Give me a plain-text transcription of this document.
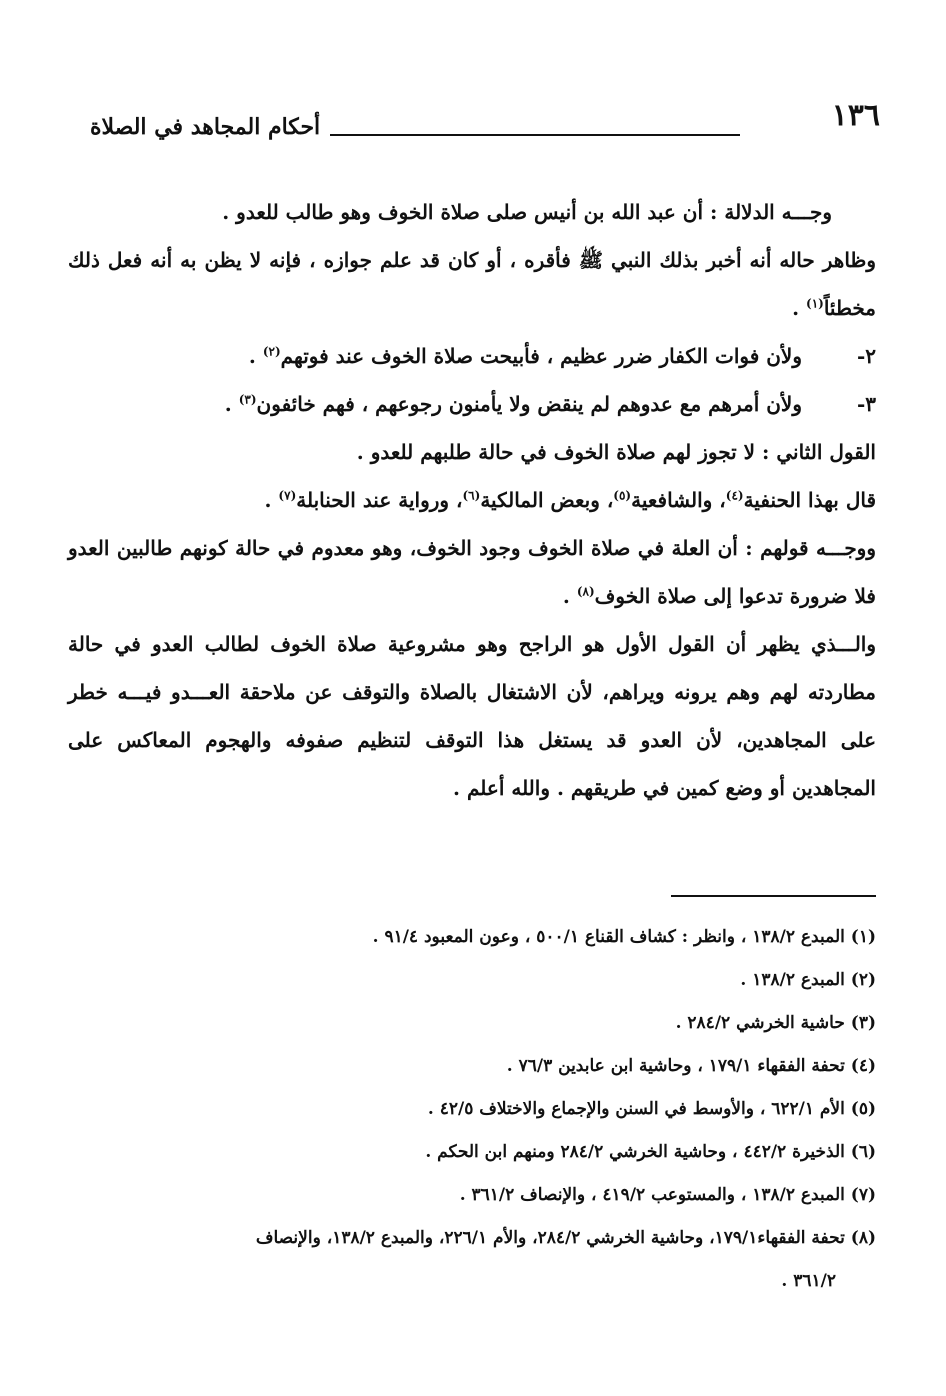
١٣٦
أحكام المجاهد في الصلاة

وجـــه الدلالة : أن عبد الله بن أنيس صلى صلاة الخوف وهو طالب للعدو .

وظاهر حاله أنه أخبر بذلك النبي ﷺ فأقره ، أو كان قد علم جوازه ، فإنه لا يظن به أنه فعل ذلك مخطئاً$^{(١)}$ .

٢-
ولأن فوات الكفار ضرر عظيم ، فأبيحت صلاة الخوف عند فوتهم$^{(٢)}$ .
٣-
ولأن أمرهم مع عدوهم لم ينقض ولا يأمنون رجوعهم ، فهم خائفون$^{(٣)}$ .

القول الثاني : لا تجوز لهم صلاة الخوف في حالة طلبهم للعدو .

قال بهذا الحنفية$^{(٤)}$، والشافعية$^{(٥)}$، وبعض المالكية$^{(٦)}$، ورواية عند الحنابلة$^{(٧)}$ .

ووجـــه قولهم : أن العلة في صلاة الخوف وجود الخوف، وهو معدوم في حالة كونهم طالبين العدو فلا ضرورة تدعوا إلى صلاة الخوف$^{(٨)}$ .

والـــذي يظهر أن القول الأول هو الراجح وهو مشروعية صلاة الخوف لطالب العدو في حالة مطاردته لهم وهم يرونه ويراهم، لأن الاشتغال بالصلاة والتوقف عن ملاحقة العـــدو فيـــه خطر على المجاهدين، لأن العدو قد يستغل هذا التوقف لتنظيم صفوفه والهجوم المعاكس على المجاهدين أو وضع كمين في طريقهم . والله أعلم .

(١) المبدع ١٣٨/٢ ، وانظر : كشاف القناع ٥٠٠/١ ، وعون المعبود ٩١/٤ .

(٢) المبدع ١٣٨/٢ .

(٣) حاشية الخرشي ٢٨٤/٢ .

(٤) تحفة الفقهاء ١٧٩/١ ، وحاشية ابن عابدين ٧٦/٣ .

(٥) الأم ٦٢٢/١ ، والأوسط في السنن والإجماع والاختلاف ٤٢/٥ .

(٦) الذخيرة ٤٤٢/٢ ، وحاشية الخرشي ٢٨٤/٢ ومنهم ابن الحكم .

(٧) المبدع ١٣٨/٢ ، والمستوعب ٤١٩/٢ ، والإنصاف ٣٦١/٢ .

(٨) تحفة الفقهاء١٧٩/١، وحاشية الخرشي ٢٨٤/٢، والأم ٢٢٦/١، والمبدع ١٣٨/٢، والإنصاف

٣٦١/٢ .
